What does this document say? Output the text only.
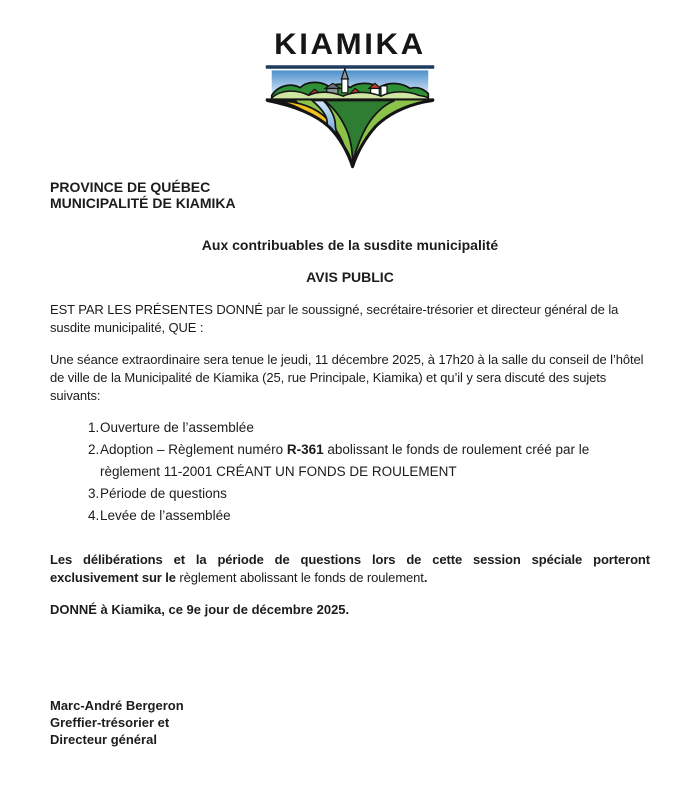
KIAMIKA
PROVINCE DE QUÉBEC
MUNICIPALITÉ DE KIAMIKA
Aux contribuables de la susdite municipalité
AVIS PUBLIC

EST PAR LES PRÉSENTES DONNÉ par le soussigné, secrétaire-trésorier et directeur général de la susdite municipalité, QUE :

Une séance extraordinaire sera tenue le jeudi, 11 décembre 2025, à 17h20 à la salle du conseil de l’hôtel de ville de la Municipalité de Kiamika (25, rue Principale, Kiamika) et qu’il y sera discuté des sujets suivants:

1. Ouverture de l’assemblée
2. Adoption – Règlement numéro R-361 abolissant le fonds de roulement créé par le règlement 11-2001 CRÉANT UN FONDS DE ROULEMENT
3. Période de questions
4. Levée de l’assemblée

Les délibérations et la période de questions lors de cette session spéciale porteront exclusivement sur le règlement abolissant le fonds de roulement.

DONNÉ à Kiamika, ce 9e jour de décembre 2025.

Marc-André Bergeron
Greffier-trésorier et
Directeur général
